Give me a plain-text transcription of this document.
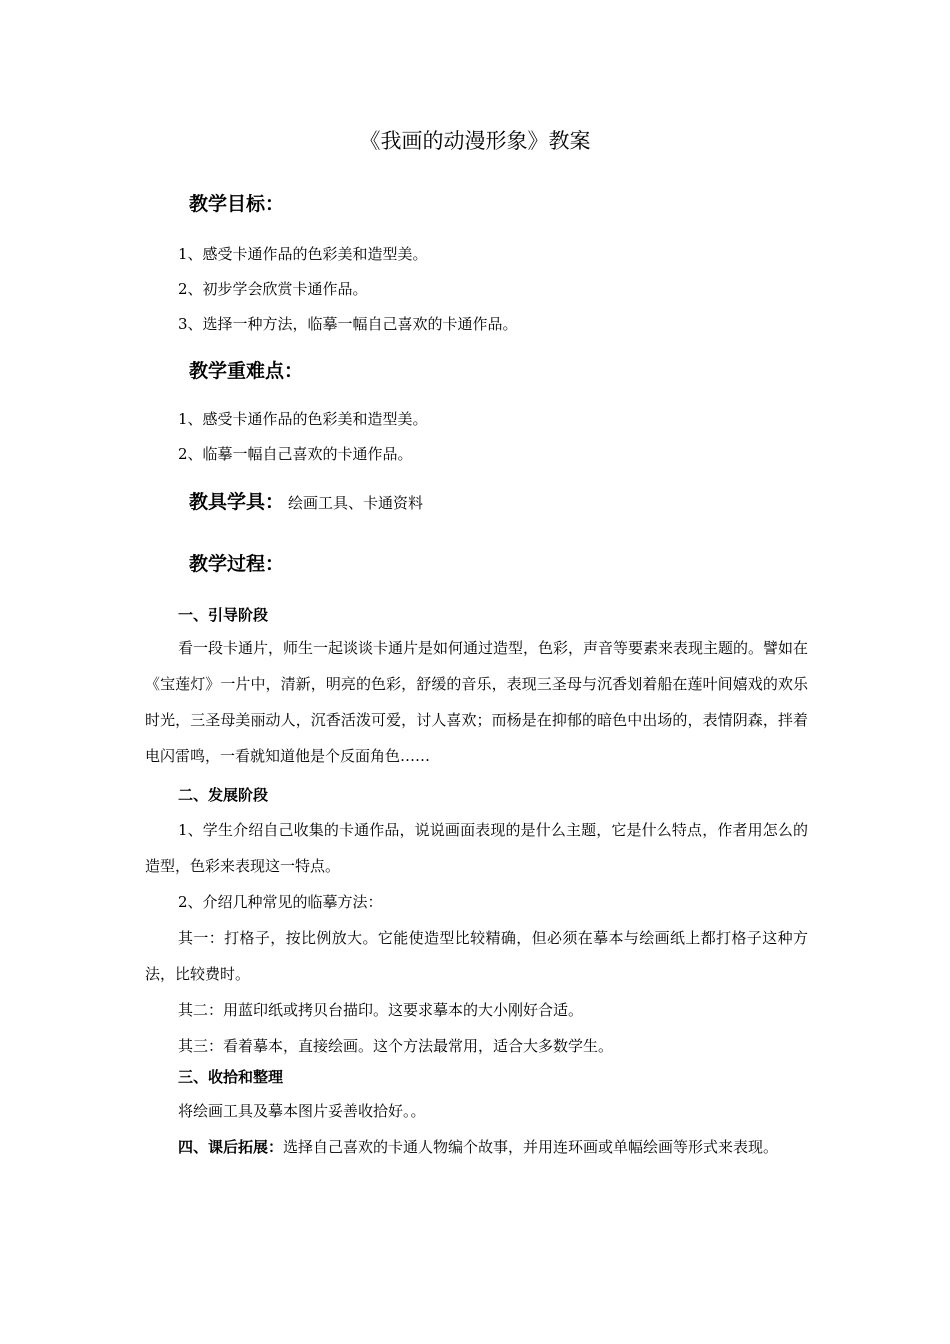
《我画的动漫形象》教案
教学目标：
1、感受卡通作品的色彩美和造型美。
2、初步学会欣赏卡通作品。
3、选择一种方法，临摹一幅自己喜欢的卡通作品。
教学重难点：
1、感受卡通作品的色彩美和造型美。
2、临摹一幅自己喜欢的卡通作品。
教具学具： 绘画工具、卡通资料
教学过程：
一、引导阶段
看一段卡通片，师生一起谈谈卡通片是如何通过造型，色彩，声音等要素来表现主题的。譬如在《宝莲灯》一片中，清新，明亮的色彩，舒缓的音乐，表现三圣母与沉香划着船在莲叶间嬉戏的欢乐时光，三圣母美丽动人，沉香活泼可爱，讨人喜欢；而杨是在抑郁的暗色中出场的，表情阴森，拌着电闪雷鸣，一看就知道他是个反面角色……
二、发展阶段
1、学生介绍自己收集的卡通作品，说说画面表现的是什么主题，它是什么特点，作者用怎么的造型，色彩来表现这一特点。
2、介绍几种常见的临摹方法：
其一：打格子，按比例放大。它能使造型比较精确，但必须在摹本与绘画纸上都打格子这种方法，比较费时。
其二：用蓝印纸或拷贝台描印。这要求摹本的大小刚好合适。
其三：看着摹本，直接绘画。这个方法最常用，适合大多数学生。
三、收拾和整理
将绘画工具及摹本图片妥善收拾好。。
四、课后拓展：选择自己喜欢的卡通人物编个故事，并用连环画或单幅绘画等形式来表现。
